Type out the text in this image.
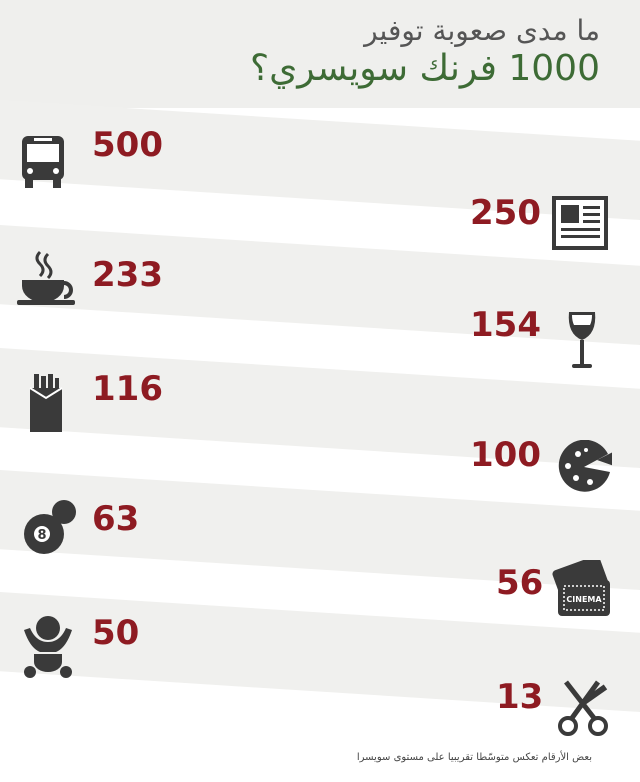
ما مدى صعوبة توفير
1000 فرنك سويسري؟
500
250
233
154
116
100
8 63
CINEMA
56
50
13
بعض الأرقام تعكس متوسّطا تقريبيا على مستوى سويسرا
